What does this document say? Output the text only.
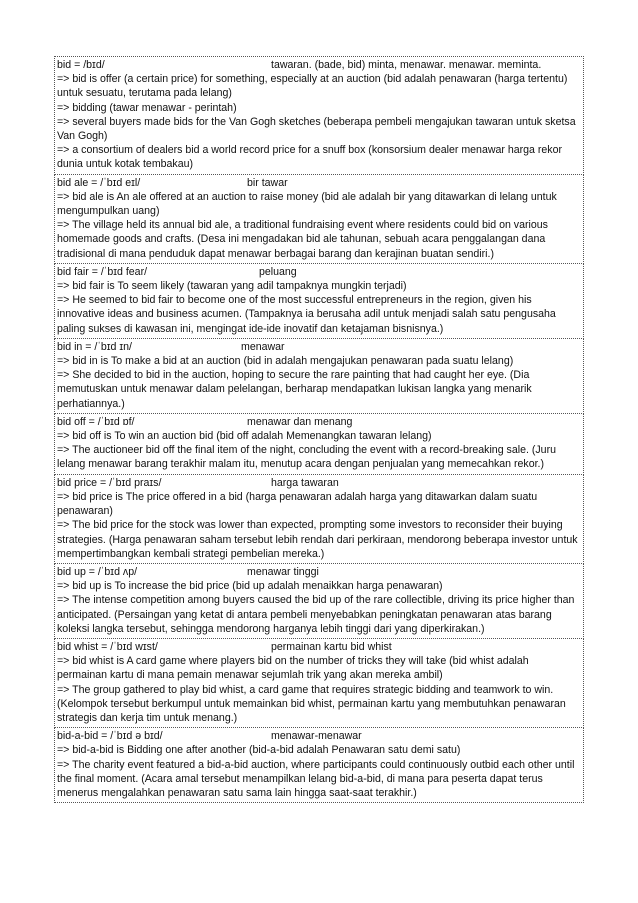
bid = /bɪd/	tawaran. (bade, bid) minta, menawar. menawar. meminta.
=> bid is offer (a certain price) for something, especially at an auction (bid adalah penawaran (harga tertentu) untuk sesuatu, terutama pada lelang)
=> bidding (tawar menawar - perintah)
=> several buyers made bids for the Van Gogh sketches (beberapa pembeli mengajukan tawaran untuk sketsa Van Gogh)
=> a consortium of dealers bid a world record price for a snuff box (konsorsium dealer menawar harga rekor dunia untuk kotak tembakau)
bid ale = /ˈbɪd eɪl/	bir tawar
=> bid ale is An ale offered at an auction to raise money (bid ale adalah bir yang ditawarkan di lelang untuk mengumpulkan uang)
=> The village held its annual bid ale, a traditional fundraising event where residents could bid on various homemade goods and crafts. (Desa ini mengadakan bid ale tahunan, sebuah acara penggalangan dana tradisional di mana penduduk dapat menawar berbagai barang dan kerajinan buatan sendiri.)
bid fair = /ˈbɪd fear/	peluang
=> bid fair is To seem likely (tawaran yang adil tampaknya mungkin terjadi)
=> He seemed to bid fair to become one of the most successful entrepreneurs in the region, given his innovative ideas and business acumen. (Tampaknya ia berusaha adil untuk menjadi salah satu pengusaha paling sukses di kawasan ini, mengingat ide-ide inovatif dan ketajaman bisnisnya.)
bid in = /ˈbɪd ɪn/	menawar
=> bid in is To make a bid at an auction (bid in adalah mengajukan penawaran pada suatu lelang)
=> She decided to bid in the auction, hoping to secure the rare painting that had caught her eye. (Dia memutuskan untuk menawar dalam pelelangan, berharap mendapatkan lukisan langka yang menarik perhatiannya.)
bid off = /ˈbɪd ɒf/	menawar dan menang
=> bid off is To win an auction bid (bid off adalah Memenangkan tawaran lelang)
=> The auctioneer bid off the final item of the night, concluding the event with a record-breaking sale. (Juru lelang menawar barang terakhir malam itu, menutup acara dengan penjualan yang memecahkan rekor.)
bid price = /ˈbɪd praɪs/	harga tawaran
=> bid price is The price offered in a bid (harga penawaran adalah harga yang ditawarkan dalam suatu penawaran)
=> The bid price for the stock was lower than expected, prompting some investors to reconsider their buying strategies. (Harga penawaran saham tersebut lebih rendah dari perkiraan, mendorong beberapa investor untuk mempertimbangkan kembali strategi pembelian mereka.)
bid up = /ˈbɪd ʌp/	menawar tinggi
=> bid up is To increase the bid price (bid up adalah menaikkan harga penawaran)
=> The intense competition among buyers caused the bid up of the rare collectible, driving its price higher than anticipated. (Persaingan yang ketat di antara pembeli menyebabkan peningkatan penawaran atas barang koleksi langka tersebut, sehingga mendorong harganya lebih tinggi dari yang diperkirakan.)
bid whist = /ˈbɪd wɪst/	permainan kartu bid whist
=> bid whist is A card game where players bid on the number of tricks they will take (bid whist adalah permainan kartu di mana pemain menawar sejumlah trik yang akan mereka ambil)
=> The group gathered to play bid whist, a card game that requires strategic bidding and teamwork to win. (Kelompok tersebut berkumpul untuk memainkan bid whist, permainan kartu yang membutuhkan penawaran strategis dan kerja tim untuk menang.)
bid-a-bid = /ˈbɪd ə bɪd/	menawar-menawar
=> bid-a-bid is Bidding one after another (bid-a-bid adalah Penawaran satu demi satu)
=> The charity event featured a bid-a-bid auction, where participants could continuously outbid each other until the final moment. (Acara amal tersebut menampilkan lelang bid-a-bid, di mana para peserta dapat terus menerus mengalahkan penawaran satu sama lain hingga saat-saat terakhir.)
